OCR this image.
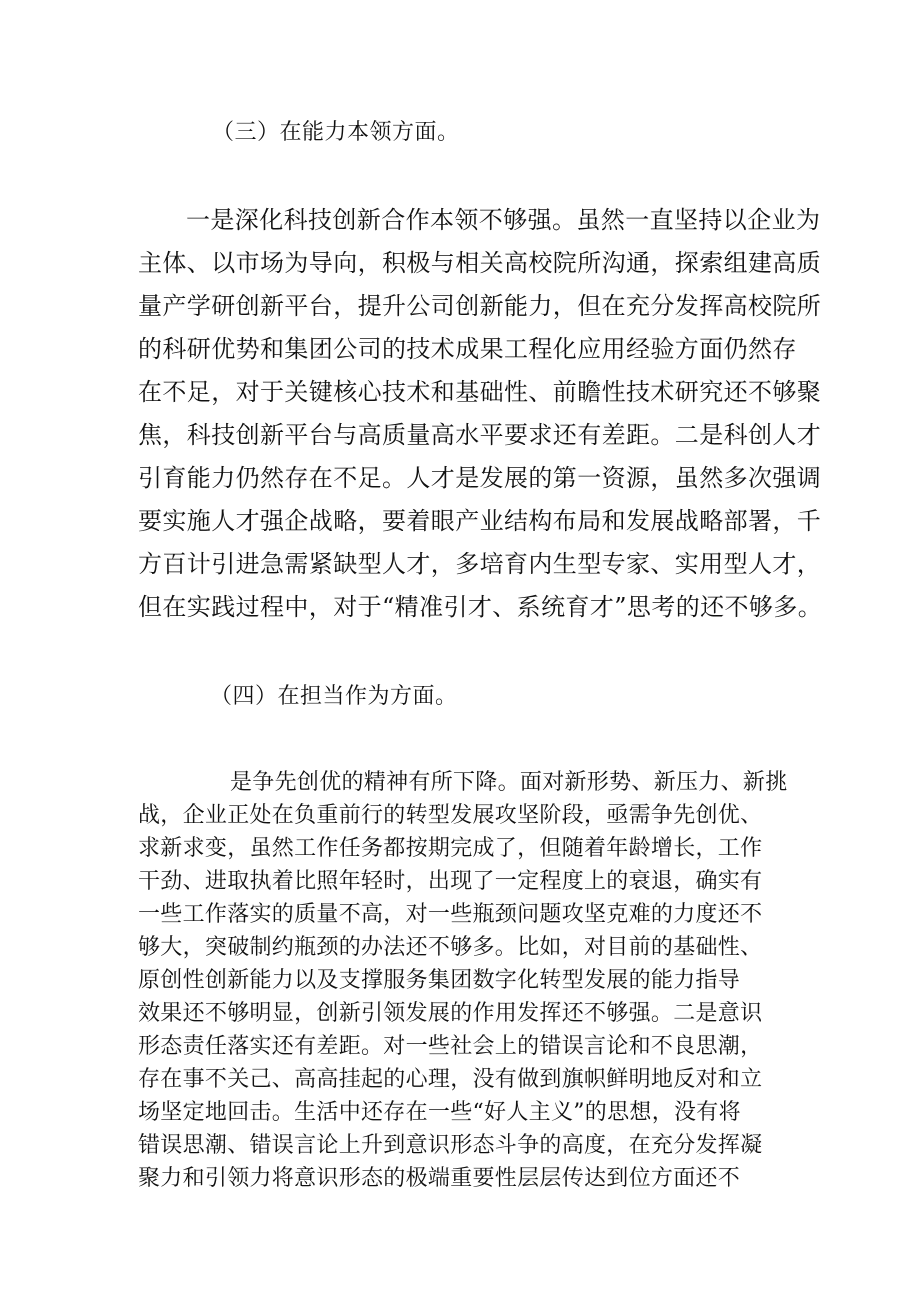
（三）在能力本领方面。
一是深化科技创新合作本领不够强。虽然一直坚持以企业为
主体、以市场为导向，积极与相关高校院所沟通，探索组建高质
量产学研创新平台，提升公司创新能力，但在充分发挥高校院所
的科研优势和集团公司的技术成果工程化应用经验方面仍然存
在不足，对于关键核心技术和基础性、前瞻性技术研究还不够聚
焦，科技创新平台与高质量高水平要求还有差距。二是科创人才
引育能力仍然存在不足。人才是发展的第一资源，虽然多次强调
要实施人才强企战略，要着眼产业结构布局和发展战略部署，千
方百计引进急需紧缺型人才，多培育内生型专家、实用型人才，
但在实践过程中，对于“精准引才、系统育才”思考的还不够多。
（四）在担当作为方面。
是争先创优的精神有所下降。面对新形势、新压力、新挑
战，企业正处在负重前行的转型发展攻坚阶段，亟需争先创优、
求新求变，虽然工作任务都按期完成了，但随着年龄增长，工作
干劲、进取执着比照年轻时，出现了一定程度上的衰退，确实有
一些工作落实的质量不高，对一些瓶颈问题攻坚克难的力度还不
够大，突破制约瓶颈的办法还不够多。比如，对目前的基础性、
原创性创新能力以及支撑服务集团数字化转型发展的能力指导
效果还不够明显，创新引领发展的作用发挥还不够强。二是意识
形态责任落实还有差距。对一些社会上的错误言论和不良思潮，
存在事不关己、高高挂起的心理，没有做到旗帜鲜明地反对和立
场坚定地回击。生活中还存在一些“好人主义”的思想，没有将
错误思潮、错误言论上升到意识形态斗争的高度，在充分发挥凝
聚力和引领力将意识形态的极端重要性层层传达到位方面还不
